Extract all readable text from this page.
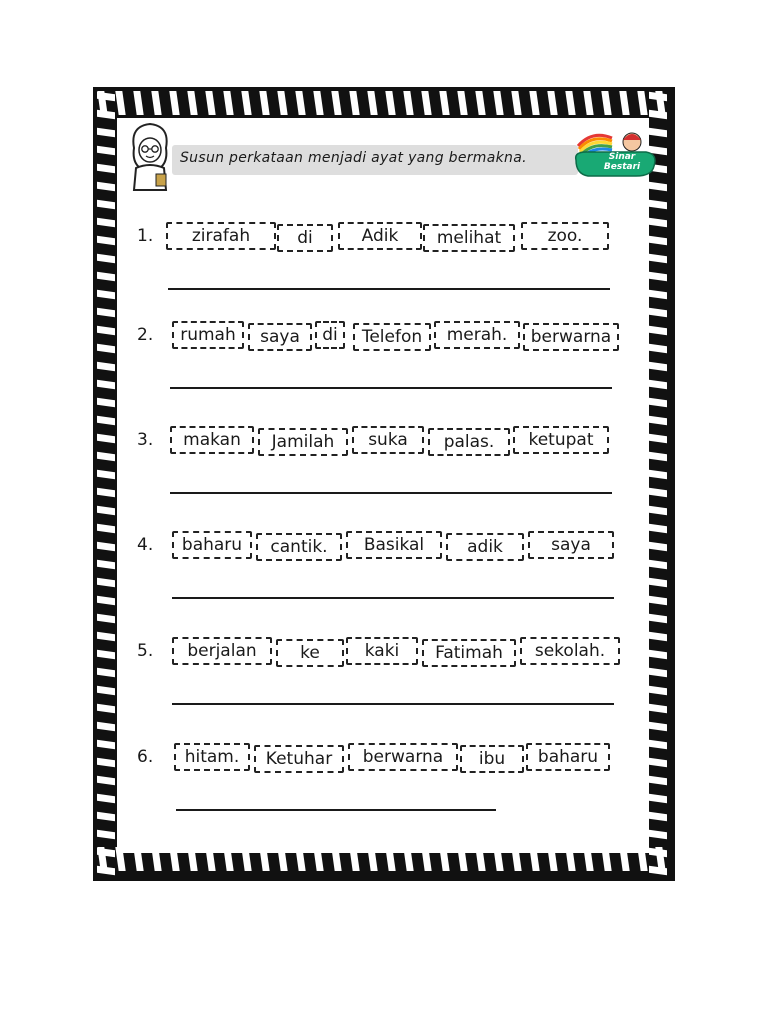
Susun perkataan menjadi ayat yang bermakna.	Sinar Bestari
1.	zirafah	di	Adik	melihat	zoo.
2.	rumah	saya	di	Telefon	merah.	berwarna
3.	makan	Jamilah	suka	palas.	ketupat
4.	baharu	cantik.	Basikal	adik	saya
5.	berjalan	ke	kaki	Fatimah	sekolah.
6.	hitam.	Ketuhar	berwarna	ibu	baharu
